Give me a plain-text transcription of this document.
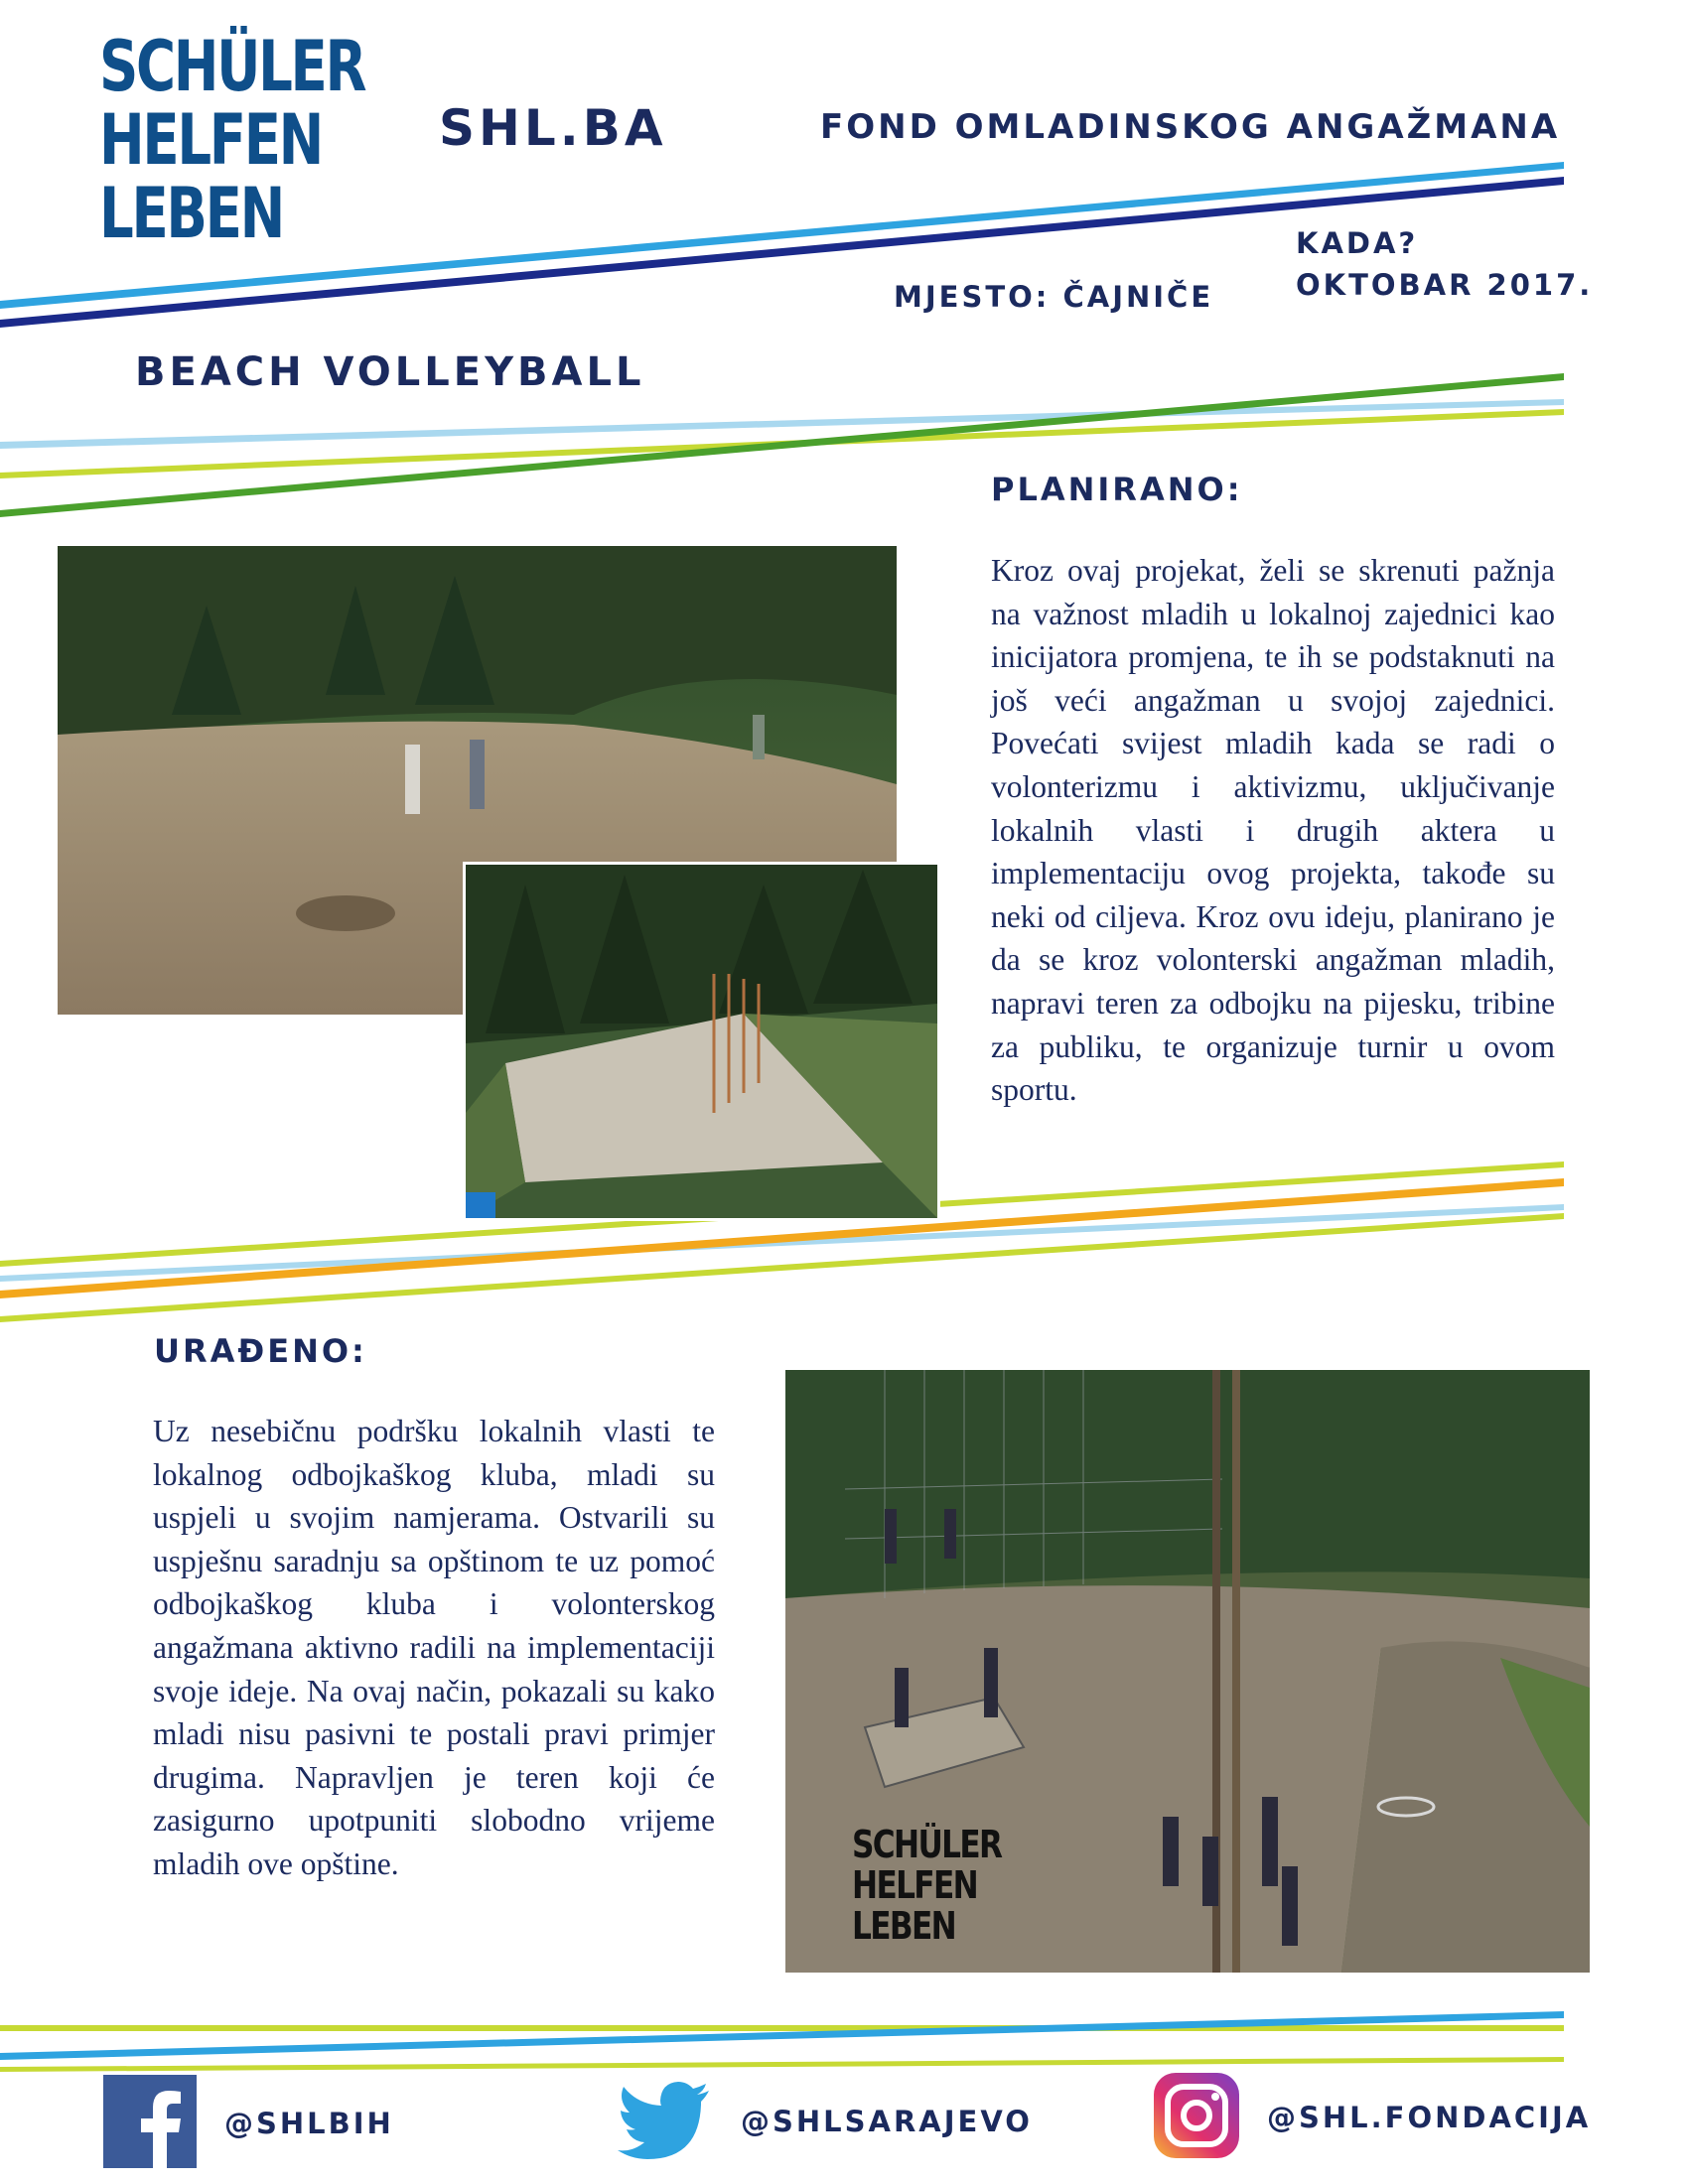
SCHÜLER
HELFEN
LEBEN
SHL.BA	FOND OMLADINSKOG ANGAŽMANA
KADA?
OKTOBAR 2017.
MJESTO: ČAJNIČE
BEACH VOLLEYBALL
PLANIRANO:
Kroz ovaj projekat, želi se skrenuti pažnja na važnost mladih u lokalnoj zajednici kao inicijatora promjena, te ih se podstaknuti na još veći angažman u svojoj zajednici. Povećati svijest mladih kada se radi o volonterizmu i aktivizmu, uključivanje lokalnih vlasti i drugih aktera u implementaciju ovog projekta, takođe su neki od ciljeva. Kroz ovu ideju, planirano je da se kroz volonterski angažman mladih, napravi teren za odbojku na pijesku, tribine za publiku, te organizuje turnir u ovom sportu.
URAĐENO:
Uz nesebičnu podršku lokalnih vlasti te lokalnog odbojkaškog kluba, mladi su uspjeli u svojim namjerama. Ostvarili su uspješnu saradnju sa opštinom te uz pomoć odbojkaškog kluba i volonterskog angažmana aktivno radili na implementaciji svoje ideje. Na ovaj način, pokazali su kako mladi nisu pasivni te postali pravi primjer drugima. Napravljen je teren koji će zasigurno upotpuniti slobodno vrijeme mladih ove opštine.	SCHÜLER
HELFEN
LEBEN
@SHLBIH	@SHLSARAJEVO	@SHL.FONDACIJA
